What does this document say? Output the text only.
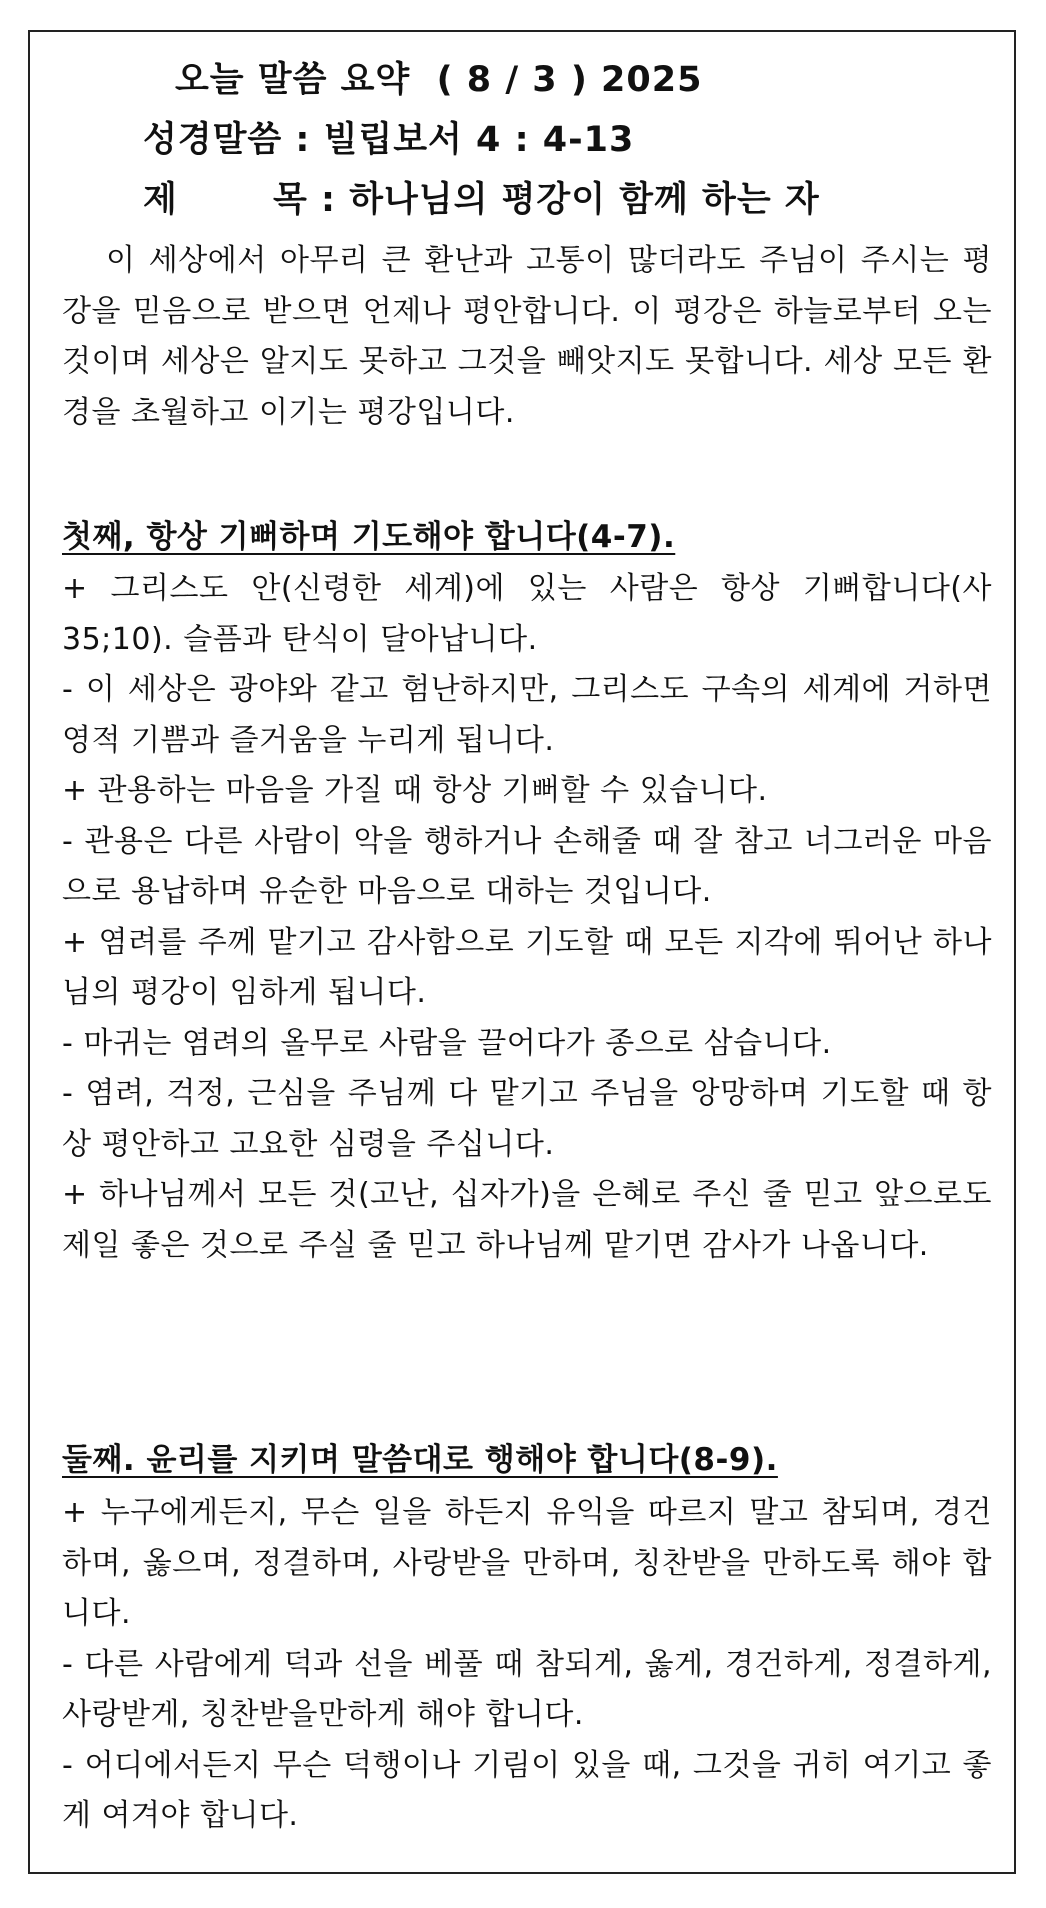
오늘 말씀 요약  ( 8 / 3 ) 2025
성경말씀 : 빌립보서 4 : 4-13
제	목 : 하나님의 평강이 함께 하는 자

이 세상에서 아무리 큰 환난과 고통이 많더라도 주님이 주시는 평강을 믿음으로 받으면 언제나 평안합니다. 이 평강은 하늘로부터 오는 것이며 세상은 알지도 못하고 그것을 빼앗지도 못합니다. 세상 모든 환경을 초월하고 이기는 평강입니다.

첫째, 항상 기뻐하며 기도해야 합니다(4-7).

+ 그리스도 안(신령한 세계)에 있는 사람은 항상 기뻐합니다(사35;10). 슬픔과 탄식이 달아납니다.

- 이 세상은 광야와 같고 험난하지만, 그리스도 구속의 세계에 거하면 영적 기쁨과 즐거움을 누리게 됩니다.

+ 관용하는 마음을 가질 때 항상 기뻐할 수 있습니다.

- 관용은 다른 사람이 악을 행하거나 손해줄 때 잘 참고 너그러운 마음으로 용납하며 유순한 마음으로 대하는 것입니다.

+ 염려를 주께 맡기고 감사함으로 기도할 때 모든 지각에 뛰어난 하나님의 평강이 임하게 됩니다.

- 마귀는 염려의 올무로 사람을 끌어다가 종으로 삼습니다.

- 염려, 걱정, 근심을 주님께 다 맡기고 주님을 앙망하며 기도할 때 항상 평안하고 고요한 심령을 주십니다.

+ 하나님께서 모든 것(고난, 십자가)을 은혜로 주신 줄 믿고 앞으로도 제일 좋은 것으로 주실 줄 믿고 하나님께 맡기면 감사가 나옵니다.

둘째. 윤리를 지키며 말씀대로 행해야 합니다(8-9).

+ 누구에게든지, 무슨 일을 하든지 유익을 따르지 말고 참되며, 경건하며, 옳으며, 정결하며, 사랑받을 만하며, 칭찬받을 만하도록 해야 합니다.

- 다른 사람에게 덕과 선을 베풀 때 참되게, 옳게, 경건하게, 정결하게, 사랑받게, 칭찬받을만하게 해야 합니다.

- 어디에서든지 무슨 덕행이나 기림이 있을 때, 그것을 귀히 여기고 좋게 여겨야 합니다.
